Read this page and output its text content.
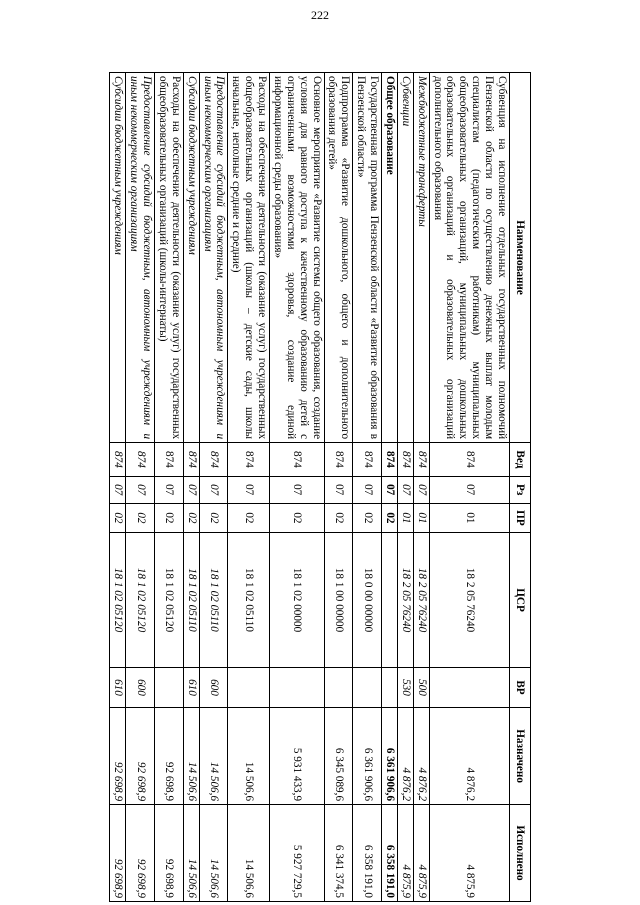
222
Наименование	Вед	Рз	ПР	ЦСР	ВР	Назначено	Исполнено
Субвенция на исполнение отдельных государственных полномочий Пензенской области по осуществлению денежных выплат молодым специалистам (педагогическим работникам) муниципальных общеобразовательных организаций, муниципальных дошкольных образовательных организаций и образовательных организаций дополнительного образования	874	07	01	18 2 05 76240		4 876,2	4 875,9
Межбюджетные трансферты	874	07	01	18 2 05 76240	500	4 876,2	4 875,9
Субвенции	874	07	01	18 2 05 76240	530	4 876,2	4 875,9
Общее образование	874	07	02			6 361 906,6	6 358 191,0
Государственная программа Пензенской области «Развитие образования в Пензенской области»	874	07	02	18 0 00 00000		6 361 906,6	6 358 191,0
Подпрограмма «Развитие дошкольного, общего и дополнительного образования детей»	874	07	02	18 1 00 00000		6 345 089,6	6 341 374,5
Основное мероприятие «Развитие системы общего образования, создание условия для равного доступа к качественному образованию детей с ограниченными возможностями здоровья, создание единой информационной среды образования»	874	07	02	18 1 02 00000		5 931 433,9	5 927 729,5
Расходы на обеспечение деятельности (оказание услуг) государственных общеобразовательных организаций (школы – детские сады, школы начальные, неполные средние и средние)	874	07	02	18 1 02 05110		14 506,6	14 506,6
Предоставление субсидий бюджетным, автономным учреждениям и иным некоммерческим организациям	874	07	02	18 1 02 05110	600	14 506,6	14 506,6
Субсидии бюджетным учреждениям	874	07	02	18 1 02 05110	610	14 506,6	14 506,6
Расходы на обеспечение деятельности (оказание услуг) государственных общеобразовательных организаций (школы-интернаты)	874	07	02	18 1 02 05120		92 698,9	92 698,9
Предоставление субсидий бюджетным, автономным учреждениям и иным некоммерческим организациям	874	07	02	18 1 02 05120	600	92 698,9	92 698,9
Субсидии бюджетным учреждениям	874	07	02	18 1 02 05120	610	92 698,9	92 698,9
